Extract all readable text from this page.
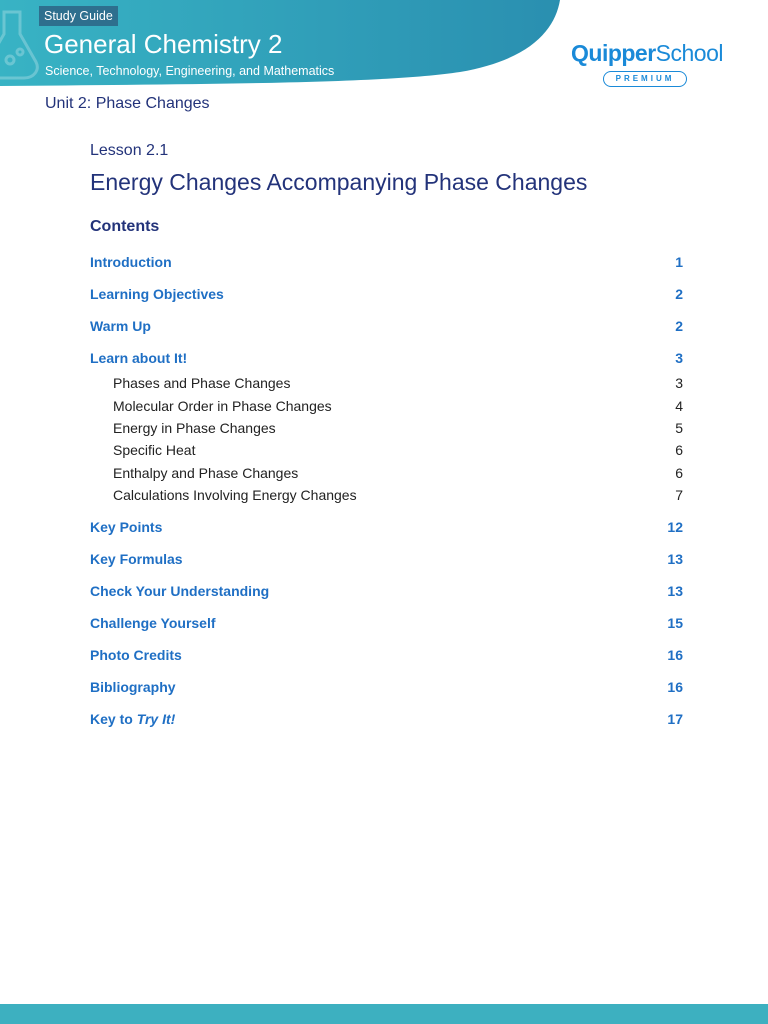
Study Guide
General Chemistry 2
Science, Technology, Engineering, and Mathematics
QuipperSchool
PREMIUM
Unit 2: Phase Changes
Lesson 2.1
Energy Changes Accompanying Phase Changes
Contents
Introduction	1
Learning Objectives	2
Warm Up	2
Learn about It!	3
Phases and Phase Changes	3
Molecular Order in Phase Changes	4
Energy in Phase Changes	5
Specific Heat	6
Enthalpy and Phase Changes	6
Calculations Involving Energy Changes	7
Key Points	12
Key Formulas	13
Check Your Understanding	13
Challenge Yourself	15
Photo Credits	16
Bibliography	16
Key to Try It!	17
